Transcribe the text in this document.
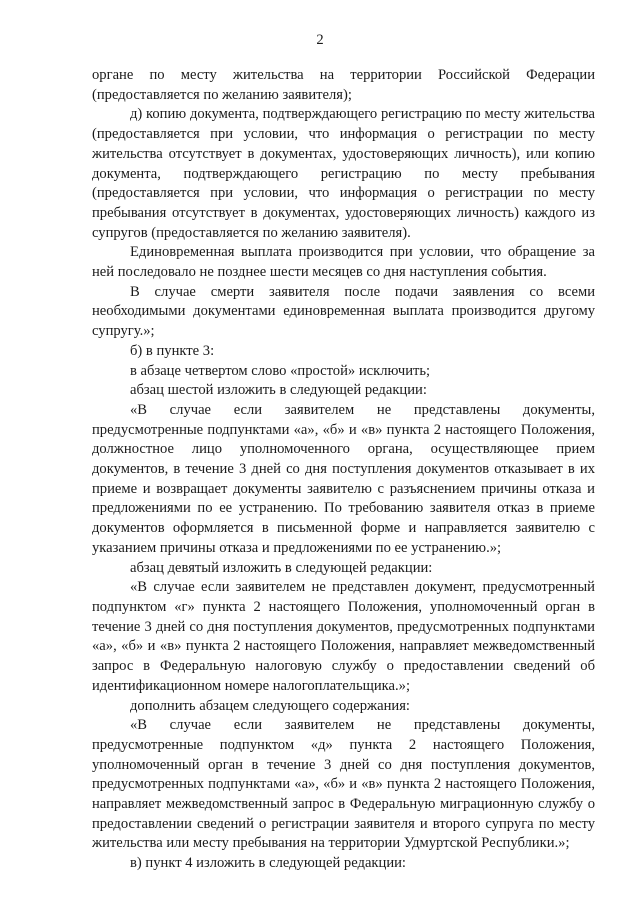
2

органе по месту жительства на территории Российской Федерации (предоставляется по желанию заявителя);

д) копию документа, подтверждающего регистрацию по месту жительства (предоставляется при условии, что информация о регистрации по месту жительства отсутствует в документах, удостоверяющих личность), или копию документа, подтверждающего регистрацию по месту пребывания (предоставляется при условии, что информация о регистрации по месту пребывания отсутствует в документах, удостоверяющих личность) каждого из супругов (предоставляется по желанию заявителя).

Единовременная выплата производится при условии, что обращение за ней последовало не позднее шести месяцев со дня наступления события.

В случае смерти заявителя после подачи заявления со всеми необходимыми документами единовременная выплата производится другому супругу.»;

б) в пункте 3:

в абзаце четвертом слово «простой» исключить;

абзац шестой изложить в следующей редакции:

«В случае если заявителем не представлены документы, предусмотренные подпунктами «а», «б» и «в» пункта 2 настоящего Положения, должностное лицо уполномоченного органа, осуществляющее прием документов, в течение 3 дней со дня поступления документов отказывает в их приеме и возвращает документы заявителю с разъяснением причины отказа и предложениями по ее устранению. По требованию заявителя отказ в приеме документов оформляется в письменной форме и направляется заявителю с указанием причины отказа и предложениями по ее устранению.»;

абзац девятый изложить в следующей редакции:

«В случае если заявителем не представлен документ, предусмотренный подпунктом «г» пункта 2 настоящего Положения, уполномоченный орган в течение 3 дней со дня поступления документов, предусмотренных подпунктами «а», «б» и «в» пункта 2 настоящего Положения, направляет межведомственный запрос в Федеральную налоговую службу о предоставлении сведений об идентификационном номере налогоплательщика.»;

дополнить абзацем следующего содержания:

«В случае если заявителем не представлены документы, предусмотренные подпунктом «д» пункта 2 настоящего Положения, уполномоченный орган в течение 3 дней со дня поступления документов, предусмотренных подпунктами «а», «б» и «в» пункта 2 настоящего Положения, направляет межведомственный запрос в Федеральную миграционную службу о предоставлении сведений о регистрации заявителя и второго супруга по месту жительства или месту пребывания на территории Удмуртской Республики.»;

в) пункт 4 изложить в следующей редакции:
